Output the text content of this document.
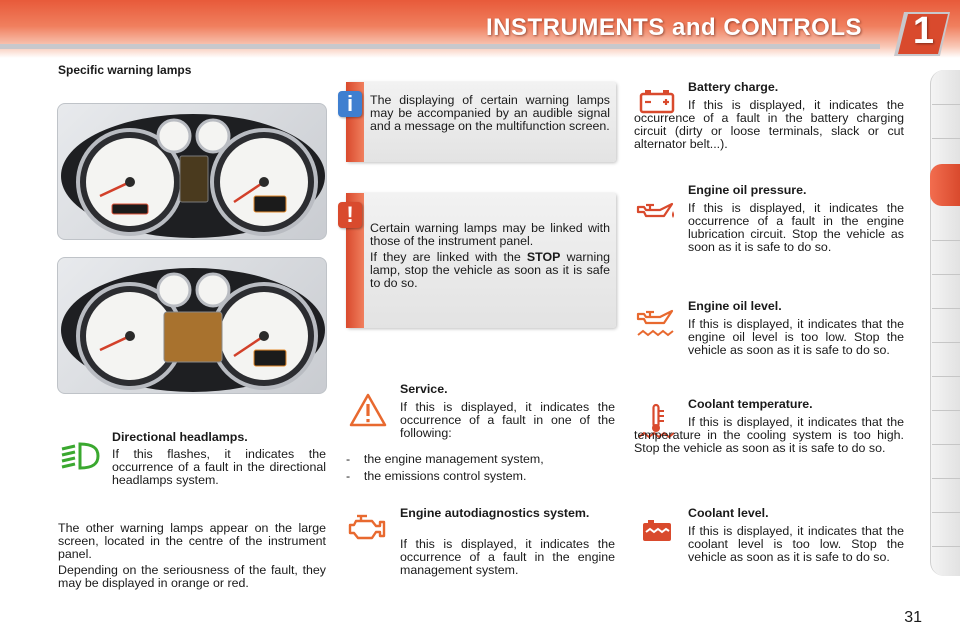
INSTRUMENTS and CONTROLS 1
Specific warning lamps
i	The displaying of certain warning lamps may be accompanied by an audible signal and a message on the multifunction screen.
!

Certain warning lamps may be linked with those of the instrument panel.

If they are linked with the STOP warning lamp, stop the vehicle as soon as it is safe to do so.

Directional headlamps.
If this flashes, it indicates the occurrence of a fault in the directional headlamps system.

The other warning lamps appear on the large screen, located in the centre of the instrument panel.

Depending on the seriousness of the fault, they may be displayed in orange or red.

Service.
If this is displayed, it indicates the occurrence of a fault in one of the following:
-    the engine management system,
-    the emissions control system.
Engine autodiagnostics system.
If this is displayed, it indicates the occurrence of a fault in the engine management system.
Battery charge.
If this is displayed, it indicates the occurrence of a fault in the battery charging circuit (dirty or loose terminals, slack or cut alternator belt...).
Engine oil pressure.
If this is displayed, it indicates the occurrence of a fault in the engine lubrication circuit. Stop the vehicle as soon as it is safe to do so.
Engine oil level.
If this is displayed, it indicates that the engine oil level is too low. Stop the vehicle as soon as it is safe to do so.
Coolant temperature.
If this is displayed, it indicates that the temperature in the cooling system is too high. Stop the vehicle as soon as it is safe to do so.
Coolant level.
If this is displayed, it indicates that the coolant level is too low. Stop the vehicle as soon as it is safe to do so.
31
